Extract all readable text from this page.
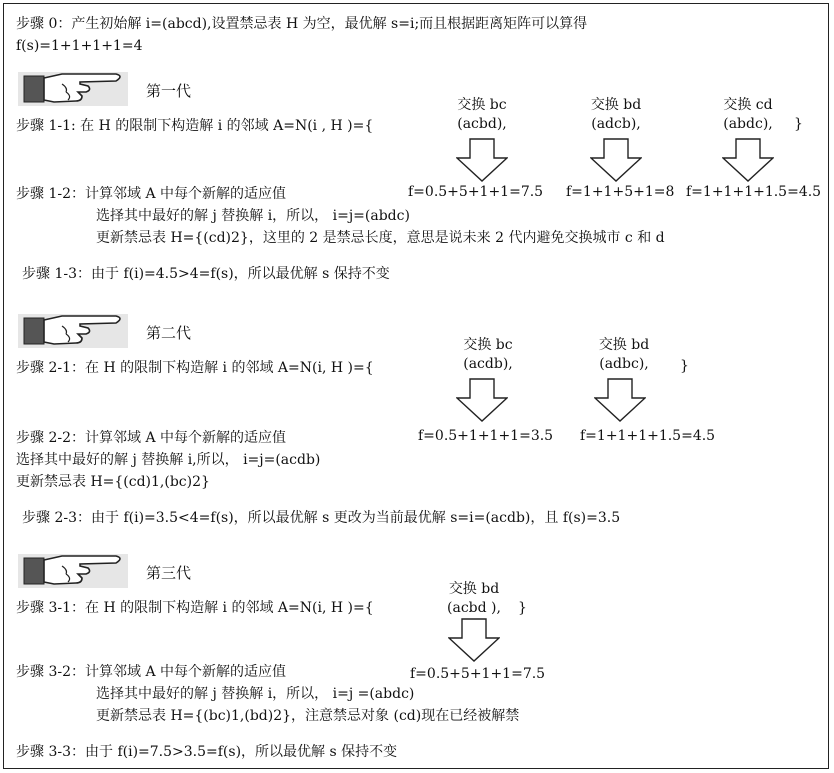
步骤 0：产生初始解 i=(abcd),设置禁忌表 H 为空，最优解 s=i;而且根据距离矩阵可以算得
f(s)=1+1+1+1=4
第一代
步骤 1-1: 在 H 的限制下构造解 i 的邻域 A=N(i , H )={
交换 bc
(acbd),
交换 bd
(adcb),
交换 cd
(abdc),	}
f=0.5+5+1+1=7.5 f=1+1+5+1=8 f=1+1+1+1.5=4.5
步骤 1-2：计算邻域 A 中每个新解的适应值
选择其中最好的解 j 替换解 i，所以， i=j=(abdc)
更新禁忌表 H={(cd)2}，这里的 2 是禁忌长度，意思是说未来 2 代内避免交换城市 c 和 d
步骤 1-3：由于 f(i)=4.5>4=f(s)，所以最优解 s 保持不变
第二代
步骤 2-1：在 H 的限制下构造解 i 的邻域 A=N(i, H )={
交换 bc
(acdb),
交换 bd
(adbc),	}
f=0.5+1+1+1=3.5 f=1+1+1+1.5=4.5
步骤 2-2：计算邻域 A 中每个新解的适应值
选择其中最好的解 j 替换解 i,所以， i=j=(acdb)
更新禁忌表 H={(cd)1,(bc)2}
步骤 2-3：由于 f(i)=3.5<4=f(s)，所以最优解 s 更改为当前最优解 s=i=(acdb)，且 f(s)=3.5
第三代
步骤 3-1：在 H 的限制下构造解 i 的邻域 A=N(i, H )={
交换 bd
(acbd ),	}
f=0.5+5+1+1=7.5
步骤 3-2：计算邻域 A 中每个新解的适应值
选择其中最好的解 j 替换解 i，所以， i=j =(abdc)
更新禁忌表 H={(bc)1,(bd)2}，注意禁忌对象 (cd)现在已经被解禁
步骤 3-3：由于 f(i)=7.5>3.5=f(s)，所以最优解 s 保持不变
